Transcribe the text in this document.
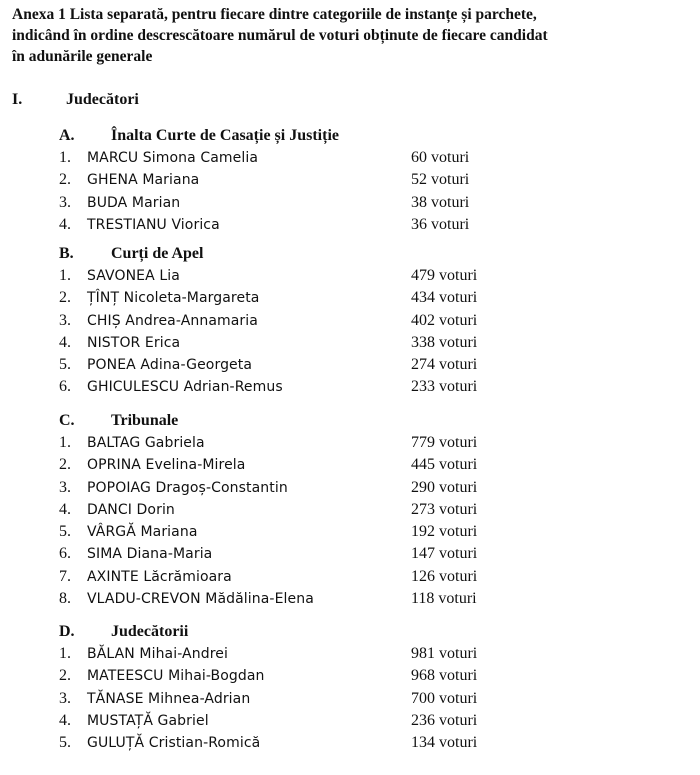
Anexa 1 Lista separată, pentru fiecare dintre categoriile de instanțe și parchete,
indicând în ordine descrescătoare numărul de voturi obținute de fiecare candidat
în adunările generale
I.	Judecători
A. Înalta Curte de Casație și Justiție
1.	MARCU Simona Camelia	60 voturi
2.	GHENA Mariana	52 voturi
3.	BUDA Marian	38 voturi
4.	TRESTIANU Viorica	36 voturi
B. Curți de Apel
1.	SAVONEA Lia	479 voturi
2.	ȚÎNȚ Nicoleta-Margareta	434 voturi
3.	CHIȘ Andrea-Annamaria	402 voturi
4.	NISTOR Erica	338 voturi
5.	PONEA Adina-Georgeta	274 voturi
6.	GHICULESCU Adrian-Remus	233 voturi
C. Tribunale
1.	BALTAG Gabriela	779 voturi
2.	OPRINA Evelina-Mirela	445 voturi
3.	POPOIAG Dragoș-Constantin	290 voturi
4.	DANCI Dorin	273 voturi
5.	VÂRGĂ Mariana	192 voturi
6.	SIMA Diana-Maria	147 voturi
7.	AXINTE Lăcrămioara	126 voturi
8.	VLADU-CREVON Mădălina-Elena	118 voturi
D. Judecătorii
1.	BĂLAN Mihai-Andrei	981 voturi
2.	MATEESCU Mihai-Bogdan	968 voturi
3.	TĂNASE Mihnea-Adrian	700 voturi
4.	MUSTAȚĂ Gabriel	236 voturi
5.	GULUȚĂ Cristian-Romică	134 voturi
